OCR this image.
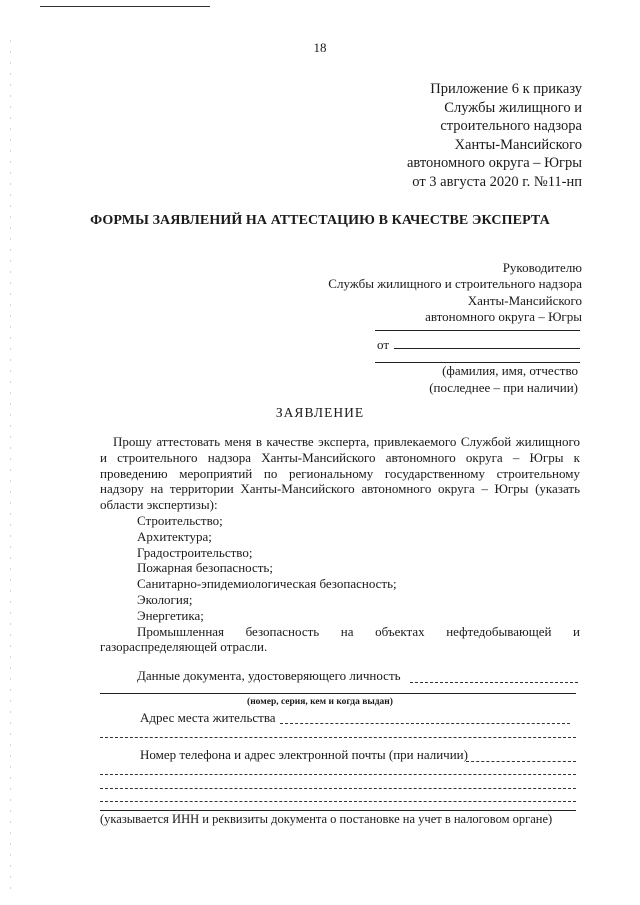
18
Приложение 6 к приказу
Службы жилищного и
строительного надзора
Ханты-Мансийского
автономного округа – Югры
от 3 августа 2020 г. №11-нп
ФОРМЫ ЗАЯВЛЕНИЙ НА АТТЕСТАЦИЮ В КАЧЕСТВЕ ЭКСПЕРТА
Руководителю
Службы жилищного и строительного надзора
Ханты-Мансийского
автономного округа – Югры
от
(фамилия, имя, отчество
(последнее – при наличии)
ЗАЯВЛЕНИЕ

Прошу аттестовать меня в качестве эксперта, привлекаемого Службой жилищного и строительного надзора Ханты-Мансийского автономного округа – Югры к проведению мероприятий по региональному государственному строительному надзору на территории Ханты-Мансийского автономного округа – Югры (указать области экспертизы):

Строительство;
Архитектура;
Градостроительство;
Пожарная безопасность;
Санитарно-эпидемиологическая безопасность;
Экология;
Энергетика;

Промышленная безопасность на объектах нефтедобывающей и

газораспределяющей отрасли.

Данные документа, удостоверяющего личность
(номер, серия, кем и когда выдан)
Адрес места жительства
Номер телефона и адрес электронной почты (при наличии)
(указывается ИНН и реквизиты документа о постановке на учет в налоговом органе)
